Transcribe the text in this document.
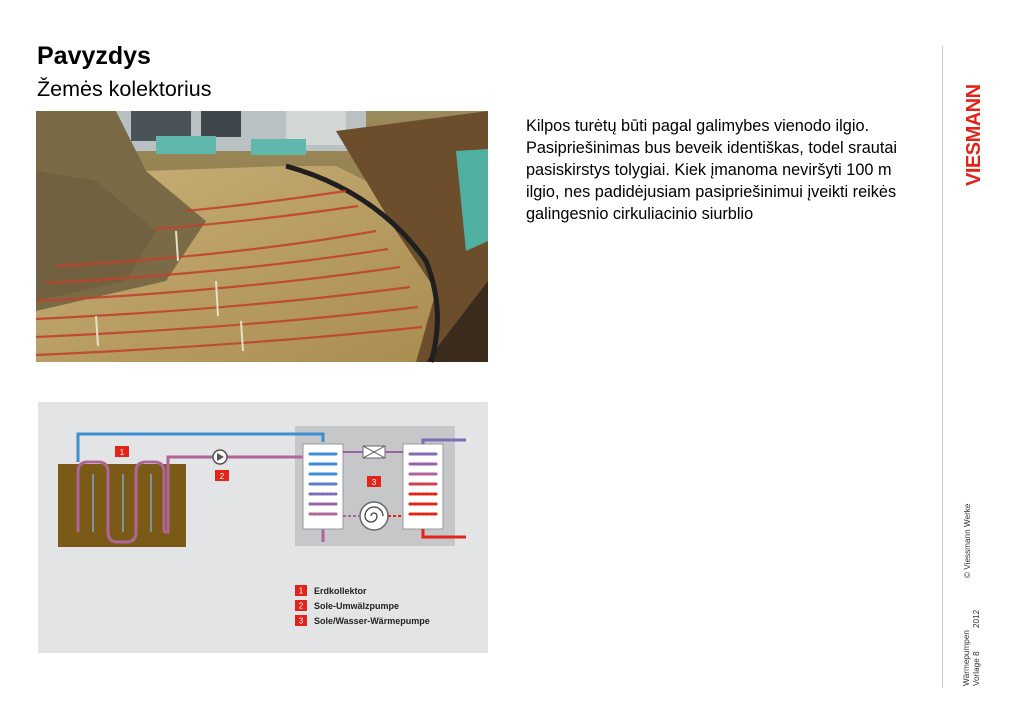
Pavyzdys
Žemės kolektorius
Kilpos turėtų būti pagal galimybes vienodo ilgio. Pasipriešinimas bus beveik identiškas, todel srautai pasiskirstys tolygiai. Kiek įmanoma neviršyti 100 m ilgio, nes padidėjusiam pasipriešinimui įveikti reikės galingesnio cirkuliacinio siurblio
1
2
3
1 Erdkollektor
2 Sole-Umwälzpumpe
3 Sole/Wasser-Wärmepumpe
VIESMANN
© Viessmann Werke
Wärmepumpen Vorlage 8
2012
